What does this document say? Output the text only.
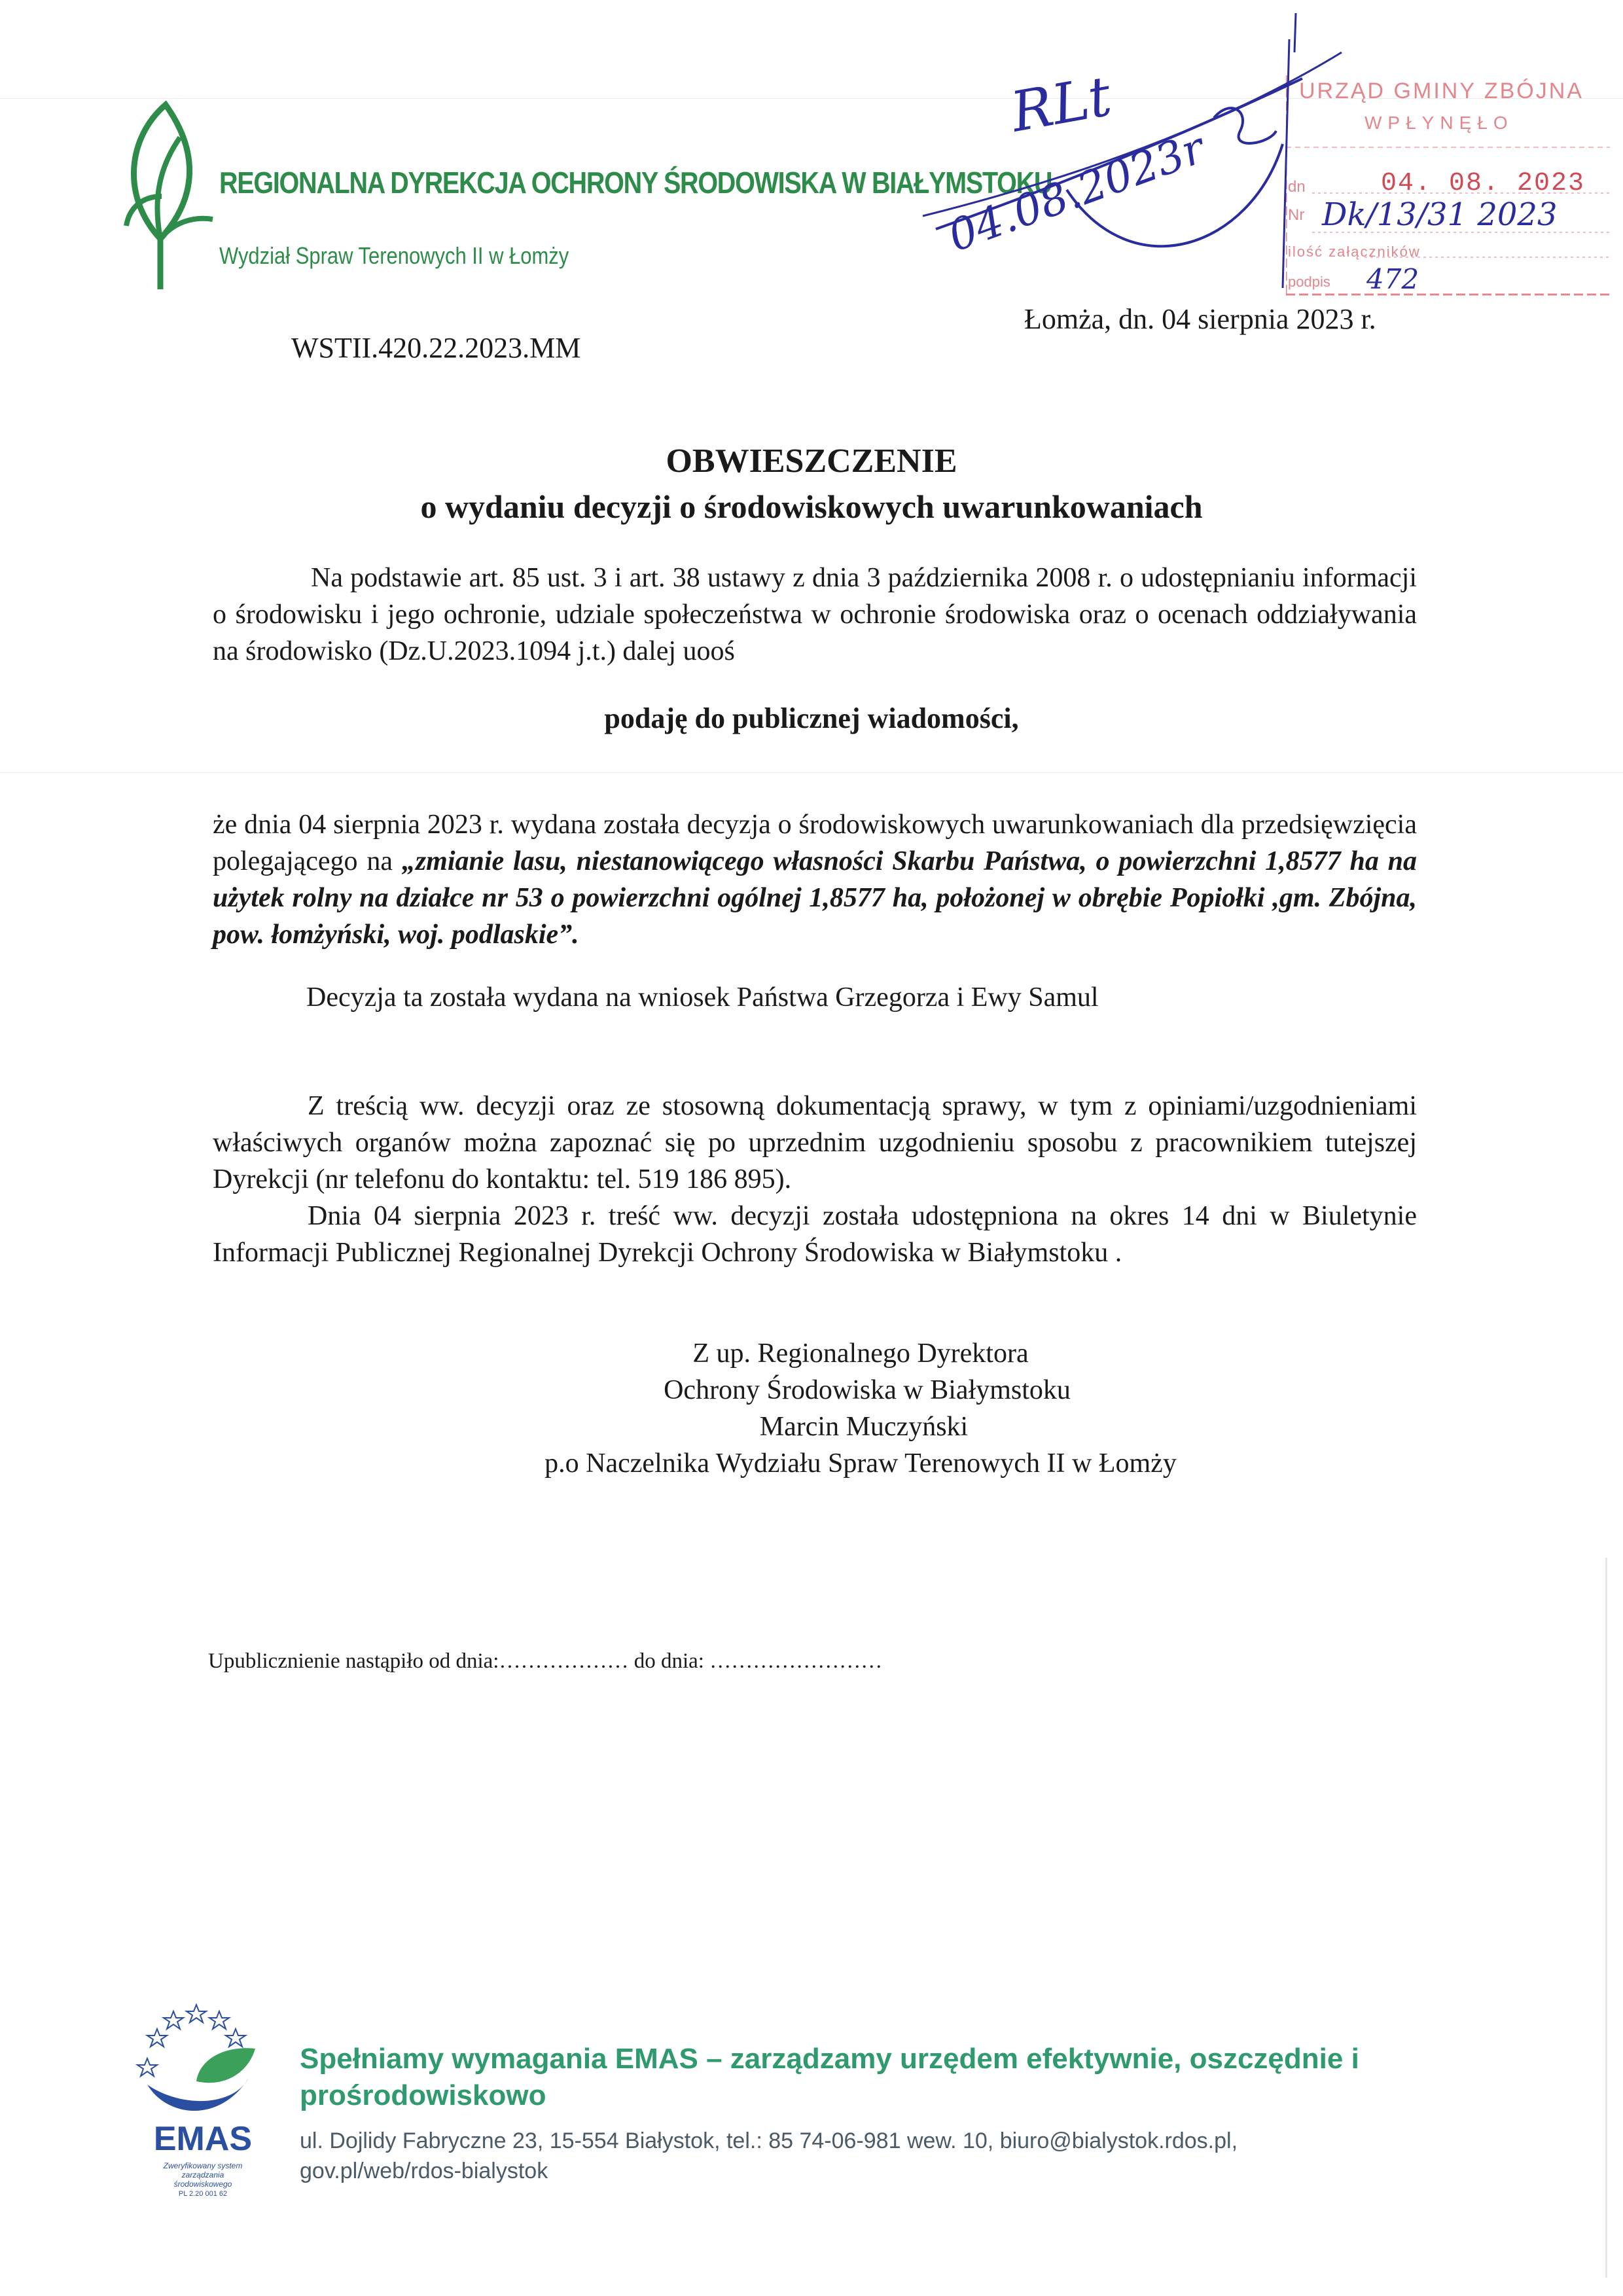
REGIONALNA DYREKCJA OCHRONY ŚRODOWISKA W BIAŁYMSTOKU
Wydział Spraw Terenowych II w Łomży
URZĄD GMINY ZBÓJNA
WPŁYNĘŁO
dn	04. 08. 2023
Nr Dk/13/31 2023
ilość załączników
podpis 472
RLt
04.08.2023r
WSTII.420.22.2023.MM
Łomża, dn. 04 sierpnia 2023 r.
OBWIESZCZENIE
o wydaniu decyzji o środowiskowych uwarunkowaniach
Na podstawie art. 85 ust. 3 i art. 38 ustawy z dnia 3 października 2008 r. o udostępnianiu informacji o środowisku i jego ochronie, udziale społeczeństwa w ochronie środowiska oraz o ocenach oddziaływania na środowisko (Dz.U.2023.1094 j.t.) dalej uooś
podaję do publicznej wiadomości,
że dnia 04 sierpnia 2023 r. wydana została decyzja o środowiskowych uwarunkowaniach dla przedsięwzięcia polegającego na „zmianie lasu, niestanowiącego własności Skarbu Państwa, o powierzchni 1,8577 ha na użytek rolny na działce nr 53 o powierzchni ogólnej 1,8577 ha, położonej w obrębie Popiołki ,gm. Zbójna, pow. łomżyński, woj. podlaskie”.
Decyzja ta została wydana na wniosek Państwa Grzegorza i Ewy Samul
Z treścią ww. decyzji oraz ze stosowną dokumentacją sprawy, w tym z opiniami/uzgodnieniami właściwych organów można zapoznać się po uprzednim uzgodnieniu sposobu z pracownikiem tutejszej Dyrekcji (nr telefonu do kontaktu: tel. 519 186 895).
Dnia 04 sierpnia 2023 r. treść ww. decyzji została udostępniona na okres 14 dni w Biuletynie Informacji Publicznej Regionalnej Dyrekcji Ochrony Środowiska w Białymstoku .
Z up. Regionalnego Dyrektora
Ochrony Środowiska w Białymstoku
Marcin Muczyński
p.o Naczelnika Wydziału Spraw Terenowych II w Łomży
Upublicznienie nastąpiło od dnia:……………… do dnia: ……………………
EMAS
Zweryfikowany system
zarządzania
środowiskowego
PL 2.20 001 62
Spełniamy wymagania EMAS – zarządzamy urzędem efektywnie, oszczędnie i prośrodowiskowo
ul. Dojlidy Fabryczne 23, 15-554 Białystok, tel.: 85 74-06-981 wew. 10, biuro@bialystok.rdos.pl,
gov.pl/web/rdos-bialystok
